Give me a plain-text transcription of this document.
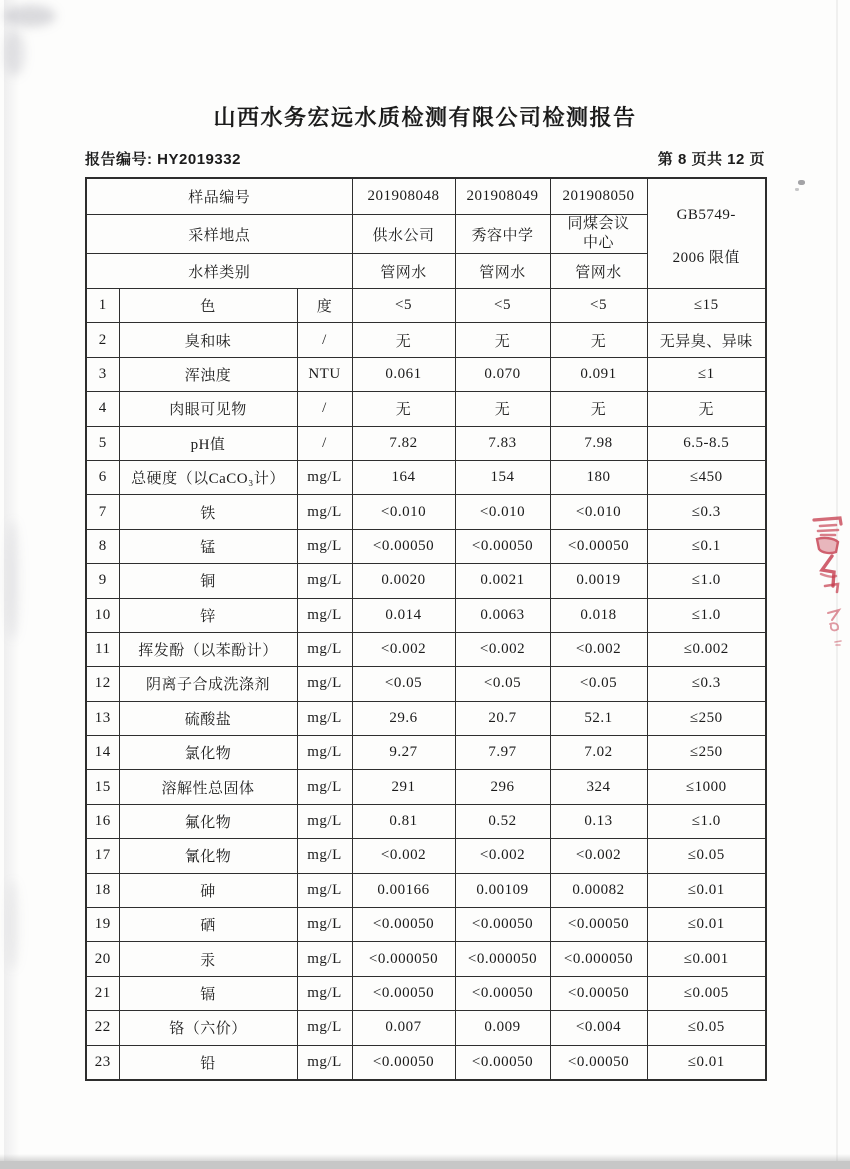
山西水务宏远水质检测有限公司检测报告
报告编号: HY2019332	第 8 页共 12 页
样品编号			201908048	201908049	201908050	GB5749-
2006 限值

采样地点			供水公司	秀容中学	同煤会议中心	
水样类别			管网水	管网水	管网水	
1	色	度	<5	<5	<5	≤15
2	臭和味	/	无	无	无	无异臭、异味
3	浑浊度	NTU	0.061	0.070	0.091	≤1
4	肉眼可见物	/	无	无	无	无
5	pH值	/	7.82	7.83	7.98	6.5-8.5
6	总硬度（以CaCO₃计）	mg/L	164	154	180	≤450
7	铁	mg/L	<0.010	<0.010	<0.010	≤0.3
8	锰	mg/L	<0.00050	<0.00050	<0.00050	≤0.1
9	铜	mg/L	0.0020	0.0021	0.0019	≤1.0
10	锌	mg/L	0.014	0.0063	0.018	≤1.0
11	挥发酚（以苯酚计）	mg/L	<0.002	<0.002	<0.002	≤0.002
12	阴离子合成洗涤剂	mg/L	<0.05	<0.05	<0.05	≤0.3
13	硫酸盐	mg/L	29.6	20.7	52.1	≤250
14	氯化物	mg/L	9.27	7.97	7.02	≤250
15	溶解性总固体	mg/L	291	296	324	≤1000
16	氟化物	mg/L	0.81	0.52	0.13	≤1.0
17	氰化物	mg/L	<0.002	<0.002	<0.002	≤0.05
18	砷	mg/L	0.00166	0.00109	0.00082	≤0.01
19	硒	mg/L	<0.00050	<0.00050	<0.00050	≤0.01
20	汞	mg/L	<0.000050	<0.000050	<0.000050	≤0.001
21	镉	mg/L	<0.00050	<0.00050	<0.00050	≤0.005
22	铬（六价）	mg/L	0.007	0.009	<0.004	≤0.05
23	铅	mg/L	<0.00050	<0.00050	<0.00050	≤0.01
